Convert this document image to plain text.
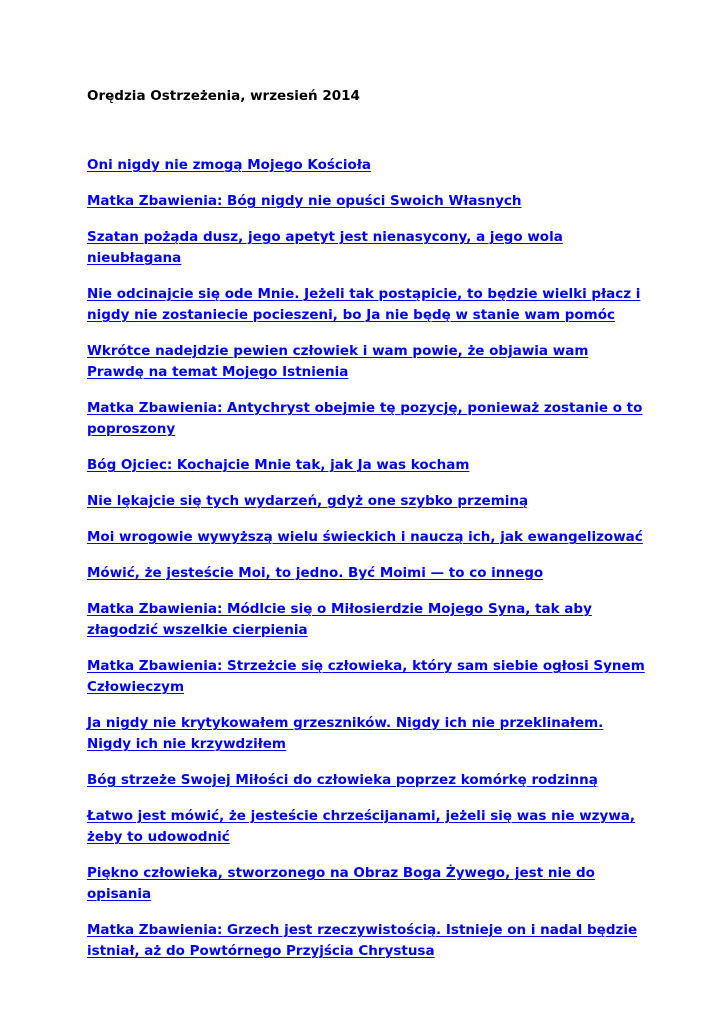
Orędzia Ostrzeżenia, wrzesień 2014
Oni nigdy nie zmogą Mojego Kościoła
Matka Zbawienia: Bóg nigdy nie opuści Swoich Własnych
Szatan pożąda dusz, jego apetyt jest nienasycony, a jego wola nieubłagana
Nie odcinajcie się ode Mnie. Jeżeli tak postąpicie, to będzie wielki płacz i nigdy nie zostaniecie pocieszeni, bo Ja nie będę w stanie wam pomóc
Wkrótce nadejdzie pewien człowiek i wam powie, że objawia wam Prawdę na temat Mojego Istnienia
Matka Zbawienia: Antychryst obejmie tę pozycję, ponieważ zostanie o to poproszony
Bóg Ojciec: Kochajcie Mnie tak, jak Ja was kocham
Nie lękajcie się tych wydarzeń, gdyż one szybko przeminą
Moi wrogowie wywyższą wielu świeckich i nauczą ich, jak ewangelizować
Mówić, że jesteście Moi, to jedno. Być Moimi — to co innego
Matka Zbawienia: Módlcie się o Miłosierdzie Mojego Syna, tak aby złagodzić wszelkie cierpienia
Matka Zbawienia: Strzeżcie się człowieka, który sam siebie ogłosi Synem Człowieczym
Ja nigdy nie krytykowałem grzeszników. Nigdy ich nie przeklinałem. Nigdy ich nie krzywdziłem
Bóg strzeże Swojej Miłości do człowieka poprzez komórkę rodzinną
Łatwo jest mówić, że jesteście chrześcijanami, jeżeli się was nie wzywa, żeby to udowodnić
Piękno człowieka, stworzonego na Obraz Boga Żywego, jest nie do opisania
Matka Zbawienia: Grzech jest rzeczywistością. Istnieje on i nadal będzie istniał, aż do Powtórnego Przyjścia Chrystusa
